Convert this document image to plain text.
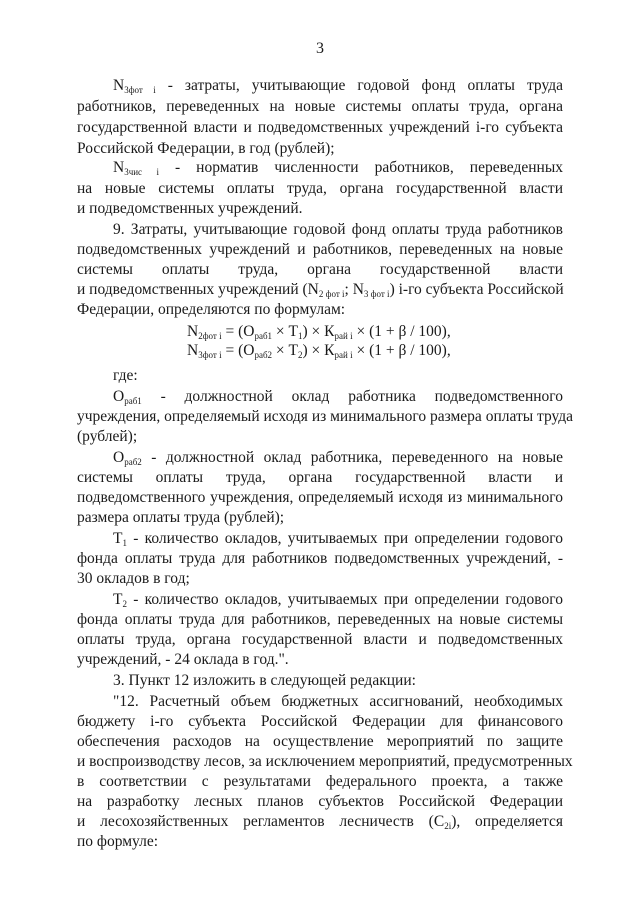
3
$N_{3фот i}$ - затраты, учитывающие годовой фонд оплаты труда
работников, переведенных на новые системы оплаты труда, органа
государственной власти и подведомственных учреждений i-го субъекта
Российской Федерации, в год (рублей);
$N_{3чис i}$ - норматив численности работников, переведенных
на новые системы оплаты труда, органа государственной власти
и подведомственных учреждений.
9. Затраты, учитывающие годовой фонд оплаты труда работников
подведомственных учреждений и работников, переведенных на новые
системы оплаты труда, органа государственной власти
и подведомственных учреждений ($N_{2 фот i}$; $N_{3 фот i}$) i-го субъекта Российской
Федерации, определяются по формулам:
$N_{2фот i} = (О_{раб1} \times Т_1) \times К_{рай i} \times (1 + \beta / 100)$,
$N_{3фот i} = (О_{раб2} \times Т_2) \times К_{рай i} \times (1 + \beta / 100)$,
где:
$О_{раб1}$ - должностной оклад работника подведомственного
учреждения, определяемый исходя из минимального размера оплаты труда
(рублей);
$О_{раб2}$ - должностной оклад работника, переведенного на новые
системы оплаты труда, органа государственной власти и
подведомственного учреждения, определяемый исходя из минимального
размера оплаты труда (рублей);
$Т_1$ - количество окладов, учитываемых при определении годового
фонда оплаты труда для работников подведомственных учреждений, -
30 окладов в год;
$Т_2$ - количество окладов, учитываемых при определении годового
фонда оплаты труда для работников, переведенных на новые системы
оплаты труда, органа государственной власти и подведомственных
учреждений, - 24 оклада в год.".
3. Пункт 12 изложить в следующей редакции:
"12. Расчетный объем бюджетных ассигнований, необходимых
бюджету i-го субъекта Российской Федерации для финансового
обеспечения расходов на осуществление мероприятий по защите
и воспроизводству лесов, за исключением мероприятий, предусмотренных
в соответствии с результатами федерального проекта, а также
на разработку лесных планов субъектов Российской Федерации
и лесохозяйственных регламентов лесничеств $(С_{2i})$, определяется
по формуле:
